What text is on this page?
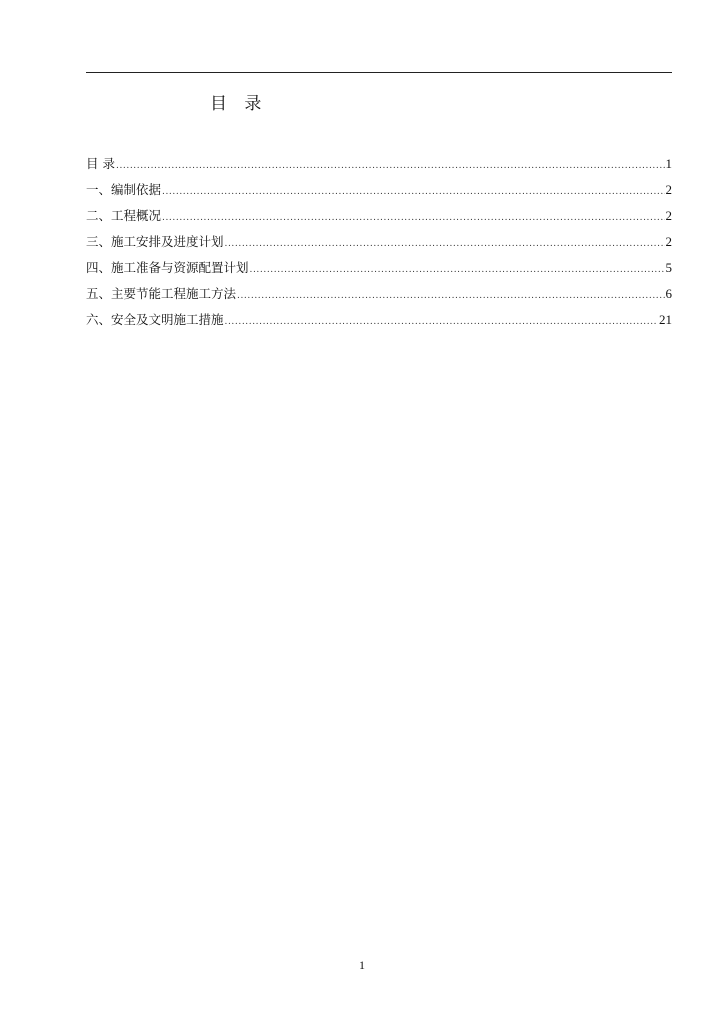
目 录
目 录 .....	1
一、编制依据 .....	2
二、工程概况 .....	2
三、施工安排及进度计划 .....	2
四、施工准备与资源配置计划 .....	5
五、主要节能工程施工方法 .....	6
六、安全及文明施工措施 .....	21
1
